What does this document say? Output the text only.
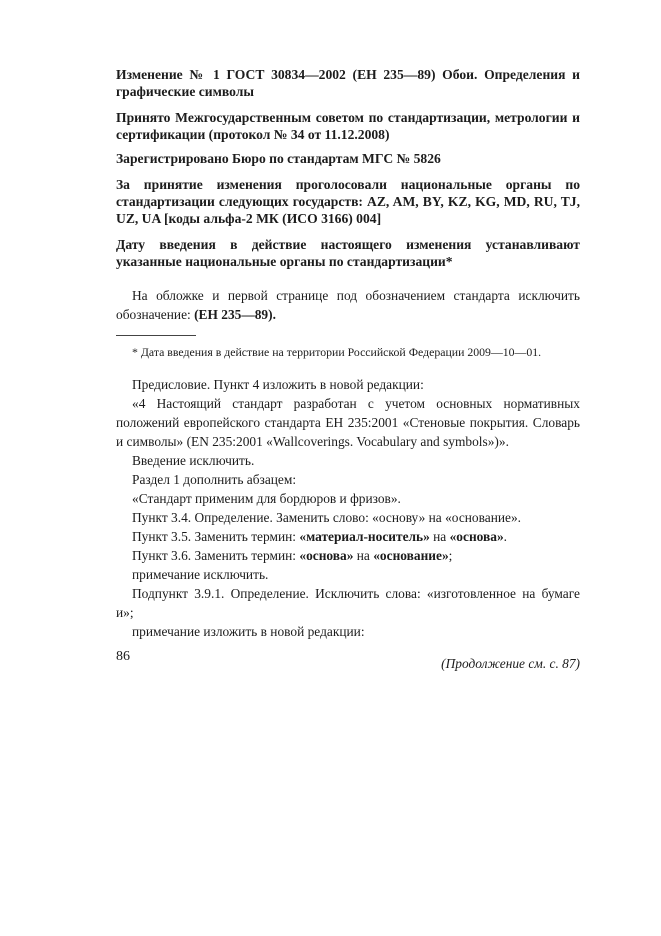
Изменение № 1 ГОСТ 30834—2002 (ЕН 235—89) Обои. Определения и графические символы

Принято Межгосударственным советом по стандартизации, метрологии и сертификации (протокол № 34 от 11.12.2008)

Зарегистрировано Бюро по стандартам МГС № 5826

За принятие изменения проголосовали национальные органы по стандартизации следующих государств: AZ, AM, BY, KZ, KG, MD, RU, TJ, UZ, UA [коды альфа-2 МК (ИСО 3166) 004]

Дату введения в действие настоящего изменения устанавливают указанные национальные органы по стандартизации*

На обложке и первой странице под обозначением стандарта исключить обозначение: (ЕН 235—89).

* Дата введения в действие на территории Российской Федерации 2009—10—01.

Предисловие. Пункт 4 изложить в новой редакции:

«4 Настоящий стандарт разработан с учетом основных нормативных положений европейского стандарта ЕН 235:2001 «Стеновые покрытия. Словарь и символы» (EN 235:2001 «Wallcoverings. Vocabulary and symbols»)».

Введение исключить.

Раздел 1 дополнить абзацем:

«Стандарт применим для бордюров и фризов».

Пункт 3.4. Определение. Заменить слово: «основу» на «основание».

Пункт 3.5. Заменить термин: «материал-носитель» на «основа».

Пункт 3.6. Заменить термин: «основа» на «основание»;

примечание исключить.

Подпункт 3.9.1. Определение. Исключить слова: «изготовленное на бумаге и»;

примечание изложить в новой редакции:

(Продолжение см. с. 87)
86
